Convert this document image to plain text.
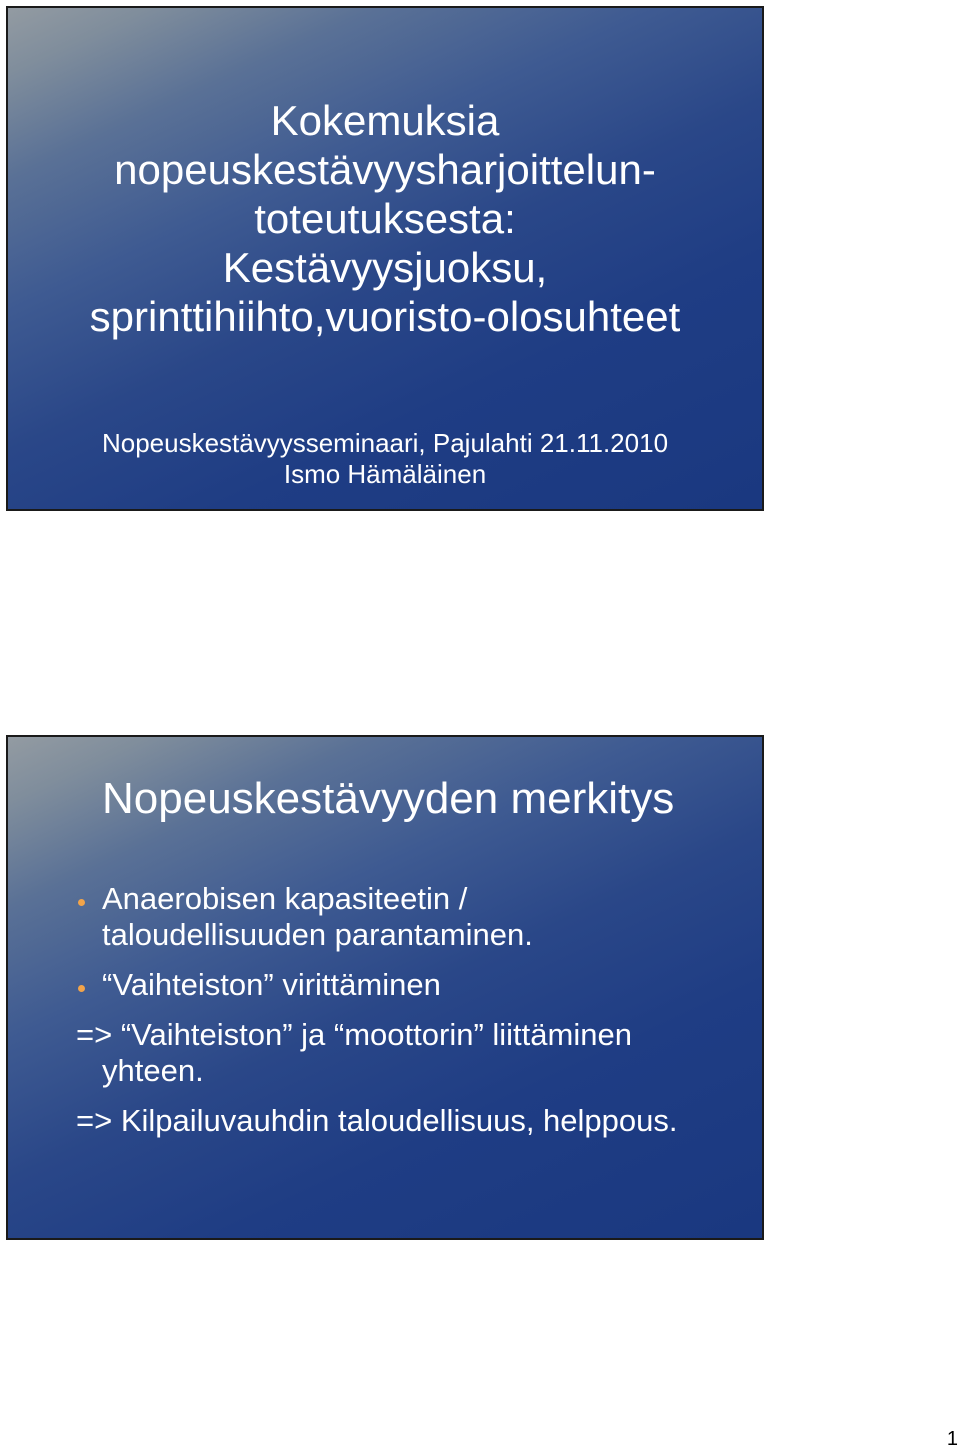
Kokemuksia
nopeuskestävyysharjoittelun-
toteutuksesta:
Kestävyysjuoksu,
sprinttihiihto,vuoristo-olosuhteet
Nopeuskestävyysseminaari, Pajulahti 21.11.2010
Ismo Hämäläinen
Nopeuskestävyyden merkitys
Anaerobisen kapasiteetin /
taloudellisuuden parantaminen.
“Vaihteiston” virittäminen
=> “Vaihteiston” ja “moottorin” liittäminen
yhteen.
=> Kilpailuvauhdin taloudellisuus, helppous.
1
